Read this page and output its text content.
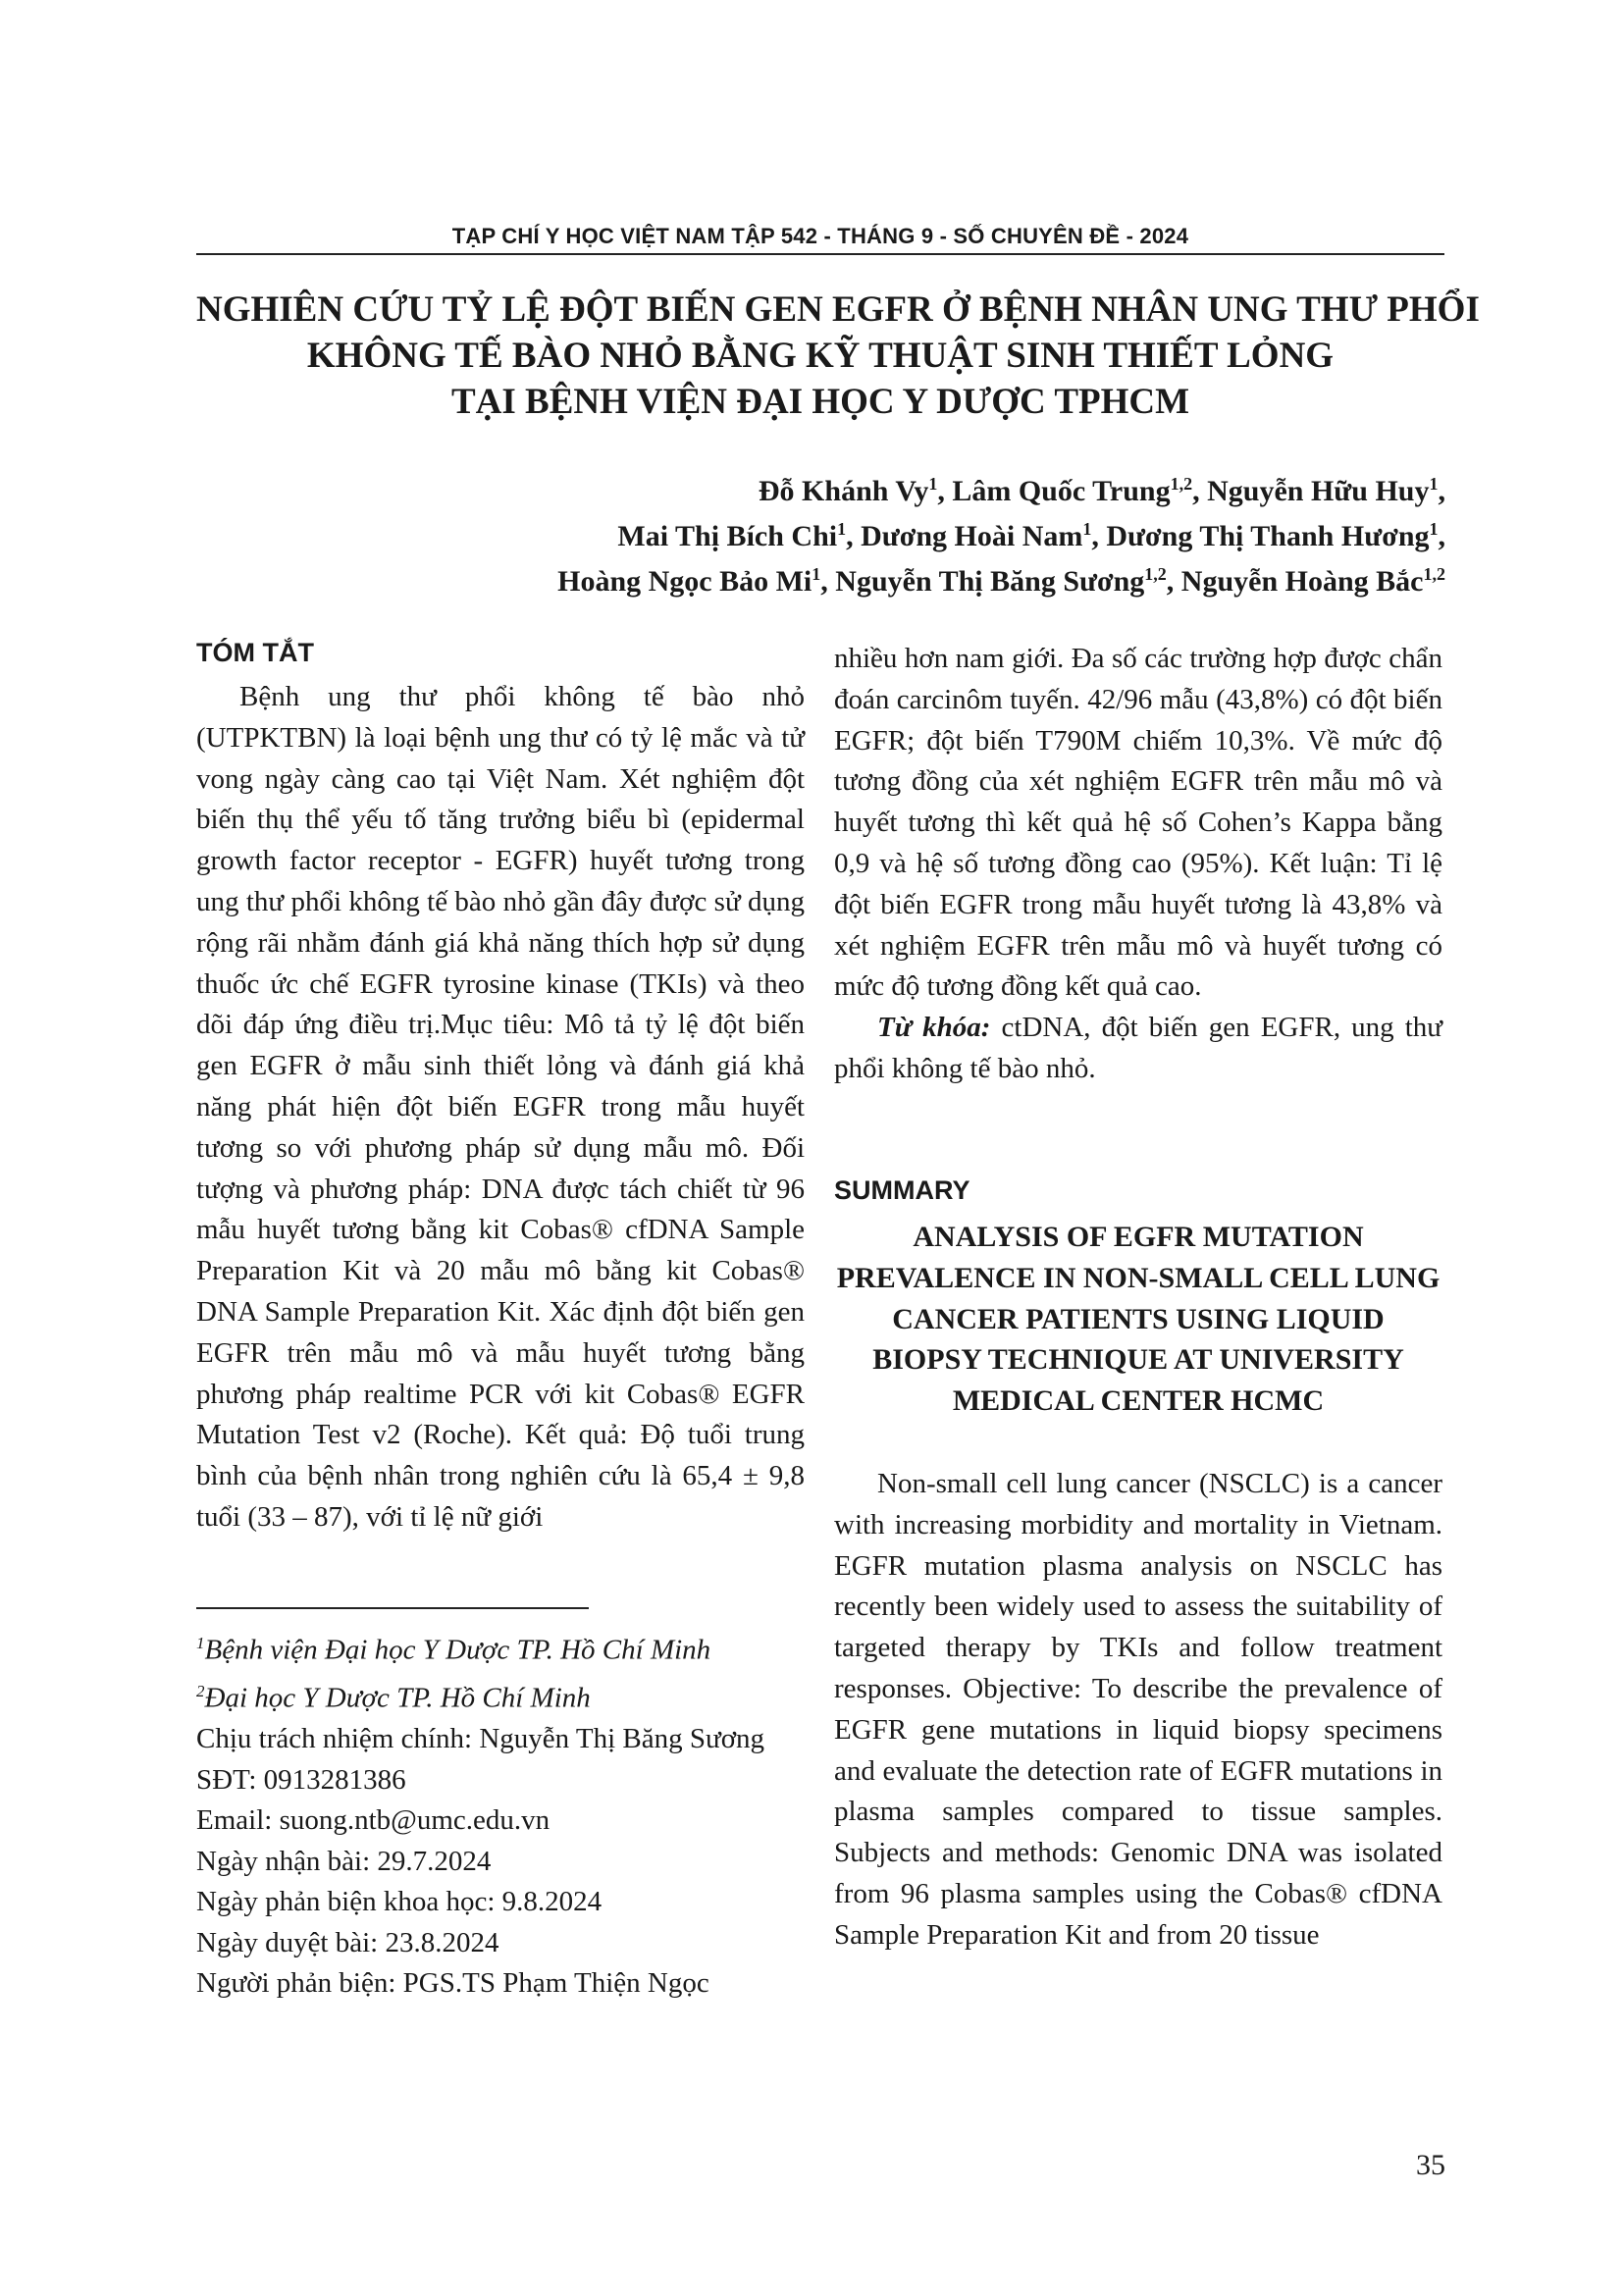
TẠP CHÍ Y HỌC VIỆT NAM TẬP 542 - THÁNG 9 - SỐ CHUYÊN ĐỀ - 2024
NGHIÊN CỨU TỶ LỆ ĐỘT BIẾN GEN EGFR Ở BỆNH NHÂN UNG THƯ PHỔI
KHÔNG TẾ BÀO NHỎ BẰNG KỸ THUẬT SINH THIẾT LỎNG
TẠI BỆNH VIỆN ĐẠI HỌC Y DƯỢC TPHCM
Đỗ Khánh Vy$^1$, Lâm Quốc Trung$^{1,2}$, Nguyễn Hữu Huy$^1$,
Mai Thị Bích Chi$^1$, Dương Hoài Nam$^1$, Dương Thị Thanh Hương$^1$,
Hoàng Ngọc Bảo Mi$^1$, Nguyễn Thị Băng Sương$^{1,2}$, Nguyễn Hoàng Bắc$^{1,2}$
TÓM TẮT

Bệnh ung thư phổi không tế bào nhỏ (UTPKTBN) là loại bệnh ung thư có tỷ lệ mắc và tử vong ngày càng cao tại Việt Nam. Xét nghiệm đột biến thụ thể yếu tố tăng trưởng biểu bì (epidermal growth factor receptor - EGFR) huyết tương trong ung thư phổi không tế bào nhỏ gần đây được sử dụng rộng rãi nhằm đánh giá khả năng thích hợp sử dụng thuốc ức chế EGFR tyrosine kinase (TKIs) và theo dõi đáp ứng điều trị.Mục tiêu: Mô tả tỷ lệ đột biến gen EGFR ở mẫu sinh thiết lỏng và đánh giá khả năng phát hiện đột biến EGFR trong mẫu huyết tương so với phương pháp sử dụng mẫu mô. Đối tượng và phương pháp: DNA được tách chiết từ 96 mẫu huyết tương bằng kit Cobas® cfDNA Sample Preparation Kit và 20 mẫu mô bằng kit Cobas® DNA Sample Preparation Kit. Xác định đột biến gen EGFR trên mẫu mô và mẫu huyết tương bằng phương pháp realtime PCR với kit Cobas® EGFR Mutation Test v2 (Roche). Kết quả: Độ tuổi trung bình của bệnh nhân trong nghiên cứu là 65,4 ± 9,8 tuổi (33 – 87), với tỉ lệ nữ giới

nhiều hơn nam giới. Đa số các trường hợp được chẩn đoán carcinôm tuyến. 42/96 mẫu (43,8%) có đột biến EGFR; đột biến T790M chiếm 10,3%. Về mức độ tương đồng của xét nghiệm EGFR trên mẫu mô và huyết tương thì kết quả hệ số Cohen’s Kappa bằng 0,9 và hệ số tương đồng cao (95%). Kết luận: Tỉ lệ đột biến EGFR trong mẫu huyết tương là 43,8% và xét nghiệm EGFR trên mẫu mô và huyết tương có mức độ tương đồng kết quả cao.

Từ khóa: ctDNA, đột biến gen EGFR, ung thư phổi không tế bào nhỏ.

SUMMARY
ANALYSIS OF EGFR MUTATION PREVALENCE IN NON-SMALL CELL LUNG CANCER PATIENTS USING LIQUID BIOPSY TECHNIQUE AT UNIVERSITY MEDICAL CENTER HCMC

Non-small cell lung cancer (NSCLC) is a cancer with increasing morbidity and mortality in Vietnam. EGFR mutation plasma analysis on NSCLC has recently been widely used to assess the suitability of targeted therapy by TKIs and follow treatment responses. Objective: To describe the prevalence of EGFR gene mutations in liquid biopsy specimens and evaluate the detection rate of EGFR mutations in plasma samples compared to tissue samples. Subjects and methods: Genomic DNA was isolated from 96 plasma samples using the Cobas® cfDNA Sample Preparation Kit and from 20 tissue

$^1$Bệnh viện Đại học Y Dược TP. Hồ Chí Minh
$^2$Đại học Y Dược TP. Hồ Chí Minh
Chịu trách nhiệm chính: Nguyễn Thị Băng Sương
SĐT: 0913281386
Email: suong.ntb@umc.edu.vn
Ngày nhận bài: 29.7.2024
Ngày phản biện khoa học: 9.8.2024
Ngày duyệt bài: 23.8.2024
Người phản biện: PGS.TS Phạm Thiện Ngọc
35
